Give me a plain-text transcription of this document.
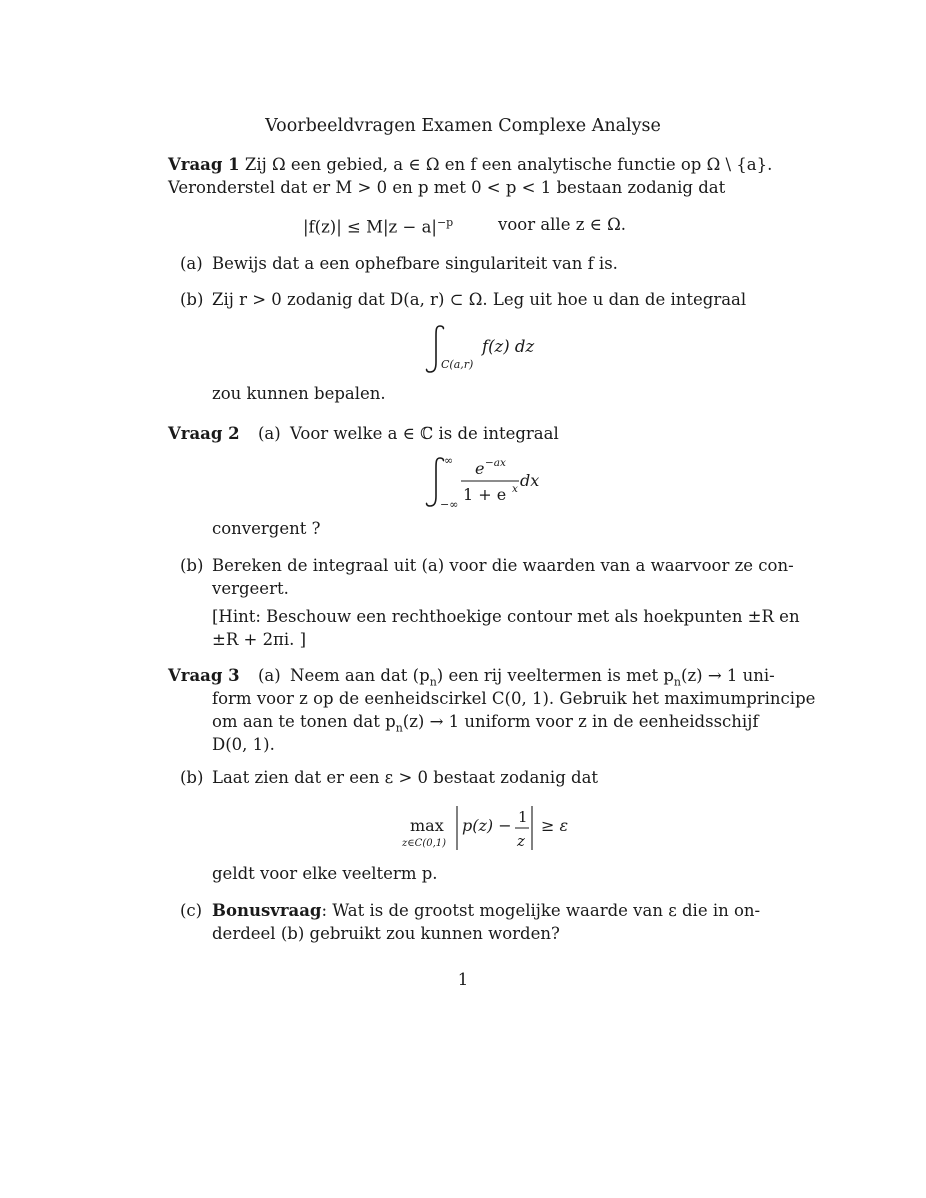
Voorbeeldvragen Examen Complexe Analyse
Vraag 1 Zij Ω een gebied, a ∈ Ω en f een analytische functie op Ω \ {a}.
Veronderstel dat er M > 0 en p met 0 < p < 1 bestaan zodanig dat
$|f(z)| \le M|z - a|^{-p}$	voor alle z ∈ Ω.
(a) Bewijs dat a een ophefbare singulariteit van f is.
(b) Zij r > 0 zodanig dat D(a, r) ⊂ Ω. Leg uit hoe u dan de integraal
C(a,r)
f(z) dz
zou kunnen bepalen.
Vraag 2 (a) Voor welke a ∈ ℂ is de integraal
∞
−∞
e −ax
1 + e x dx
convergent ?
(b) Bereken de integraal uit (a) voor die waarden van a waarvoor ze con-
vergeert.
[Hint: Beschouw een rechthoekige contour met als hoekpunten ±R en
±R + 2πi. ]
Vraag 3 (a) Neem aan dat $(p_n)$ een rij veeltermen is met $p_n(z) \to 1$ uni-
form voor z op de eenheidscirkel C(0, 1). Gebruik het maximumprincipe
om aan te tonen dat $p_n(z) \to 1$ uniform voor z in de eenheidsschijf
D(0, 1).
(b) Laat zien dat er een ε > 0 bestaat zodanig dat
max
z∈C(0,1)
p(z) − 1
z
≥ ε
geldt voor elke veelterm p.
(c) Bonusvraag: Wat is de grootst mogelijke waarde van ε die in on-
derdeel (b) gebruikt zou kunnen worden?
1
